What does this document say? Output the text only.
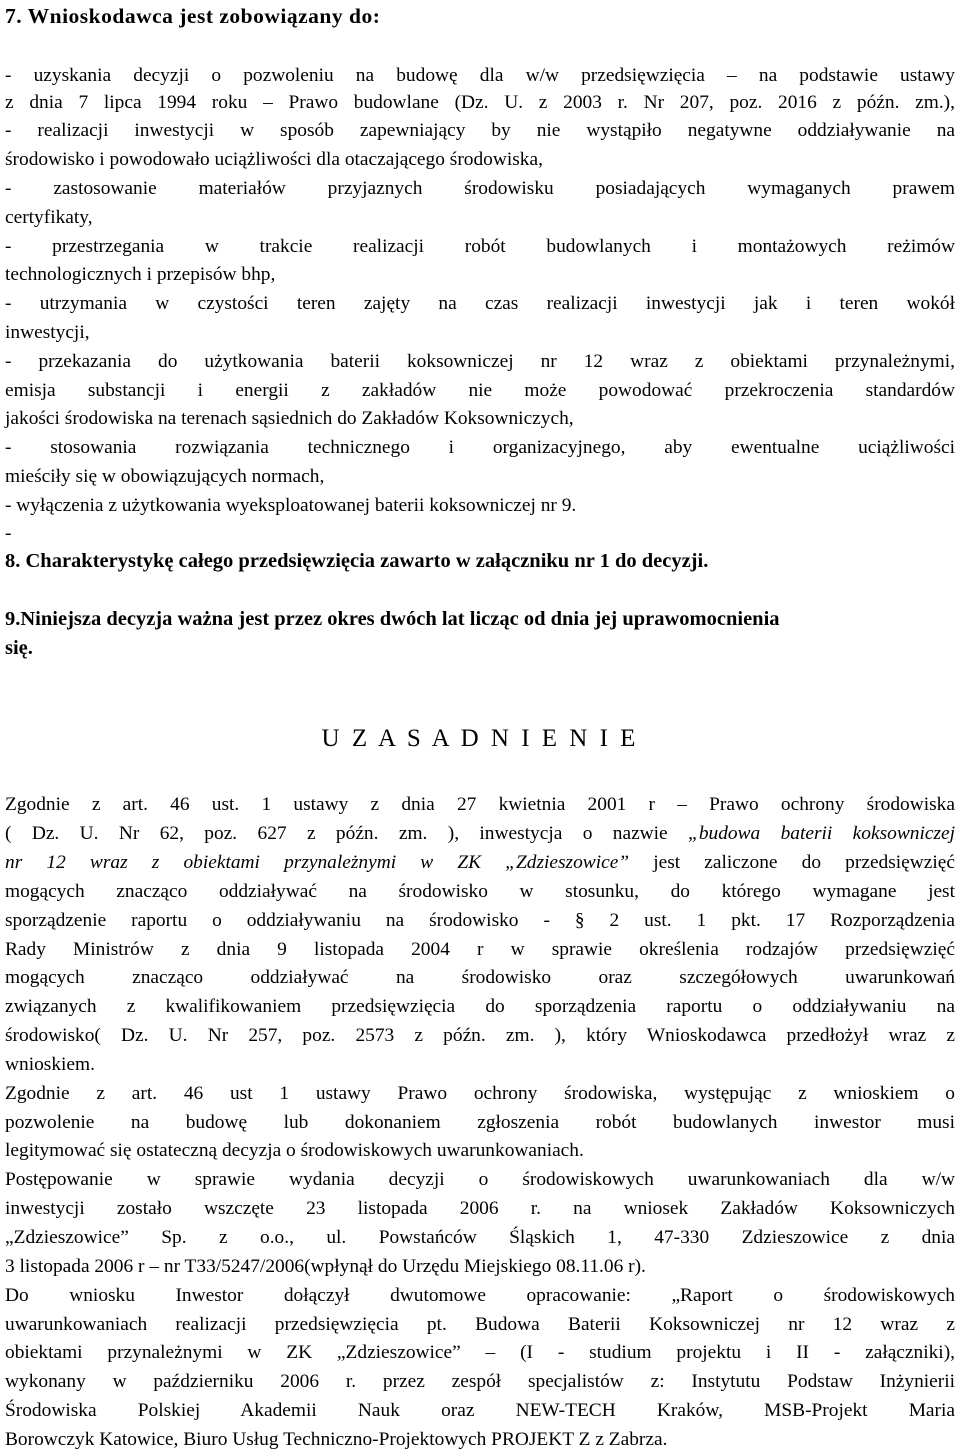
7. Wnioskodawca jest zobowiązany do:
- uzyskania decyzji o pozwoleniu na budowę dla w/w przedsięwzięcia – na podstawie ustawy
z dnia 7 lipca 1994 roku – Prawo budowlane (Dz. U. z 2003 r. Nr 207, poz. 2016 z późn. zm.),
- realizacji inwestycji w sposób zapewniający by nie wystąpiło negatywne oddziaływanie na
środowisko i powodowało uciążliwości dla otaczającego środowiska,
- zastosowanie materiałów przyjaznych środowisku posiadających wymaganych prawem
certyfikaty,
- przestrzegania w trakcie realizacji robót budowlanych i montażowych reżimów
technologicznych i przepisów bhp,
- utrzymania w czystości teren zajęty na czas realizacji inwestycji jak i teren wokół
inwestycji,
- przekazania do użytkowania baterii koksowniczej nr 12 wraz z obiektami przynależnymi,
emisja substancji i energii z zakładów nie może powodować przekroczenia standardów
jakości środowiska na terenach sąsiednich do Zakładów Koksowniczych,
- stosowania rozwiązania technicznego i organizacyjnego, aby ewentualne uciążliwości
mieściły się w obowiązujących normach,
- wyłączenia z użytkowania wyeksploatowanej baterii koksowniczej nr 9.
-
8. Charakterystykę całego przedsięwzięcia zawarto w załączniku nr 1 do decyzji.
9.Niniejsza decyzja ważna jest przez okres dwóch lat licząc od dnia jej uprawomocnienia
się.
U Z A S A D N I E N I E
Zgodnie z art. 46 ust. 1 ustawy z dnia 27 kwietnia 2001 r – Prawo ochrony środowiska
( Dz. U. Nr 62, poz. 627 z późn. zm. ), inwestycja o nazwie „budowa baterii koksowniczej
nr 12 wraz z obiektami przynależnymi w ZK „Zdzieszowice” jest zaliczone do przedsięwzięć
mogących znacząco oddziaływać na środowisko w stosunku, do którego wymagane jest
sporządzenie raportu o oddziaływaniu na środowisko - § 2 ust. 1 pkt. 17 Rozporządzenia
Rady Ministrów z dnia 9 listopada 2004 r w sprawie określenia rodzajów przedsięwzięć
mogących znacząco oddziaływać na środowisko oraz szczegółowych uwarunkowań
związanych z kwalifikowaniem przedsięwzięcia do sporządzenia raportu o oddziaływaniu na
środowisko( Dz. U. Nr 257, poz. 2573 z późn. zm. ), który Wnioskodawca przedłożył wraz z
wnioskiem.
Zgodnie z art. 46 ust 1 ustawy Prawo ochrony środowiska, występując z wnioskiem o
pozwolenie na budowę lub dokonaniem zgłoszenia robót budowlanych inwestor musi
legitymować się ostateczną decyzja o środowiskowych uwarunkowaniach.
Postępowanie w sprawie wydania decyzji o środowiskowych uwarunkowaniach dla w/w
inwestycji zostało wszczęte 23 listopada 2006 r. na wniosek Zakładów Koksowniczych
„Zdzieszowice” Sp. z o.o., ul. Powstańców Śląskich 1, 47-330 Zdzieszowice z dnia
3 listopada 2006 r – nr T33/5247/2006(wpłynął do Urzędu Miejskiego 08.11.06 r).
Do wniosku Inwestor dołączył dwutomowe opracowanie: „Raport o środowiskowych
uwarunkowaniach realizacji przedsięwzięcia pt. Budowa Baterii Koksowniczej nr 12 wraz z
obiektami przynależnymi w ZK „Zdzieszowice” – (I - studium projektu i II - załączniki),
wykonany w październiku 2006 r. przez zespół specjalistów z: Instytutu Podstaw Inżynierii
Środowiska Polskiej Akademii Nauk oraz NEW-TECH Kraków, MSB-Projekt Maria
Borowczyk Katowice, Biuro Usług Techniczno-Projektowych PROJEKT Z z Zabrza.
